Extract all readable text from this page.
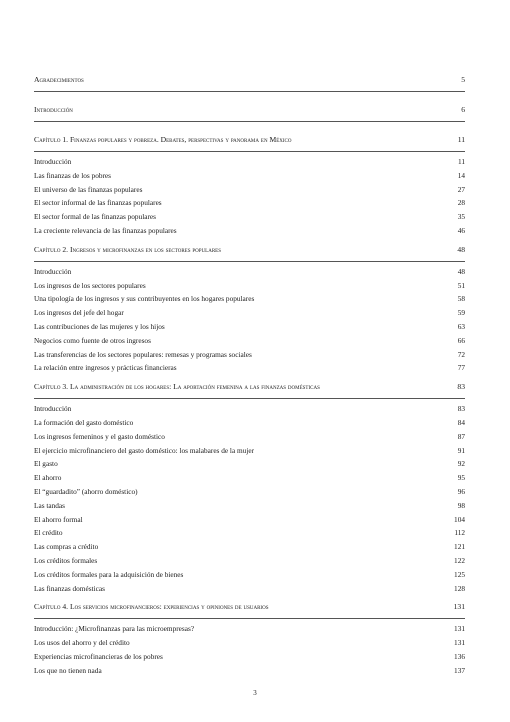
Agradecimientos	5
Introducción	6
Capítulo 1. Finanzas populares y pobreza. Debates, perspectivas y panorama en México	11
Introducción	11
Las finanzas de los pobres	14
El universo de las finanzas populares	27
El sector informal de las finanzas populares	28
El sector formal de las finanzas populares	35
La creciente relevancia de las finanzas populares	46
Capítulo 2. Ingresos y microfinanzas en los sectores populares	48
Introducción	48
Los ingresos de los sectores populares	51
Una tipología de los ingresos y sus contribuyentes en los hogares populares	58
Los ingresos del jefe del hogar	59
Las contribuciones de las mujeres y los hijos	63
Negocios como fuente de otros ingresos	66
Las transferencias de los sectores populares: remesas y programas sociales	72
La relación entre ingresos y prácticas financieras	77
Capítulo 3. La administración de los hogares: La aportación femenina a las finanzas domésticas	83
Introducción	83
La formación del gasto doméstico	84
Los ingresos femeninos y el gasto doméstico	87
El ejercicio microfinanciero del gasto doméstico: los malabares de la mujer	91
El gasto	92
El ahorro	95
El “guardadito” (ahorro doméstico)	96
Las tandas	98
El ahorro formal	104
El crédito	112
Las compras a crédito	121
Los créditos formales	122
Los créditos formales para la adquisición de bienes	125
Las finanzas domésticas	128
Capítulo 4. Los servicios microfinancieros: experiencias y opiniones de usuarios	131
Introducción: ¿Microfinanzas para las microempresas?	131
Los usos del ahorro y del crédito	131
Experiencias microfinancieras de los pobres	136
Los que no tienen nada	137
3
